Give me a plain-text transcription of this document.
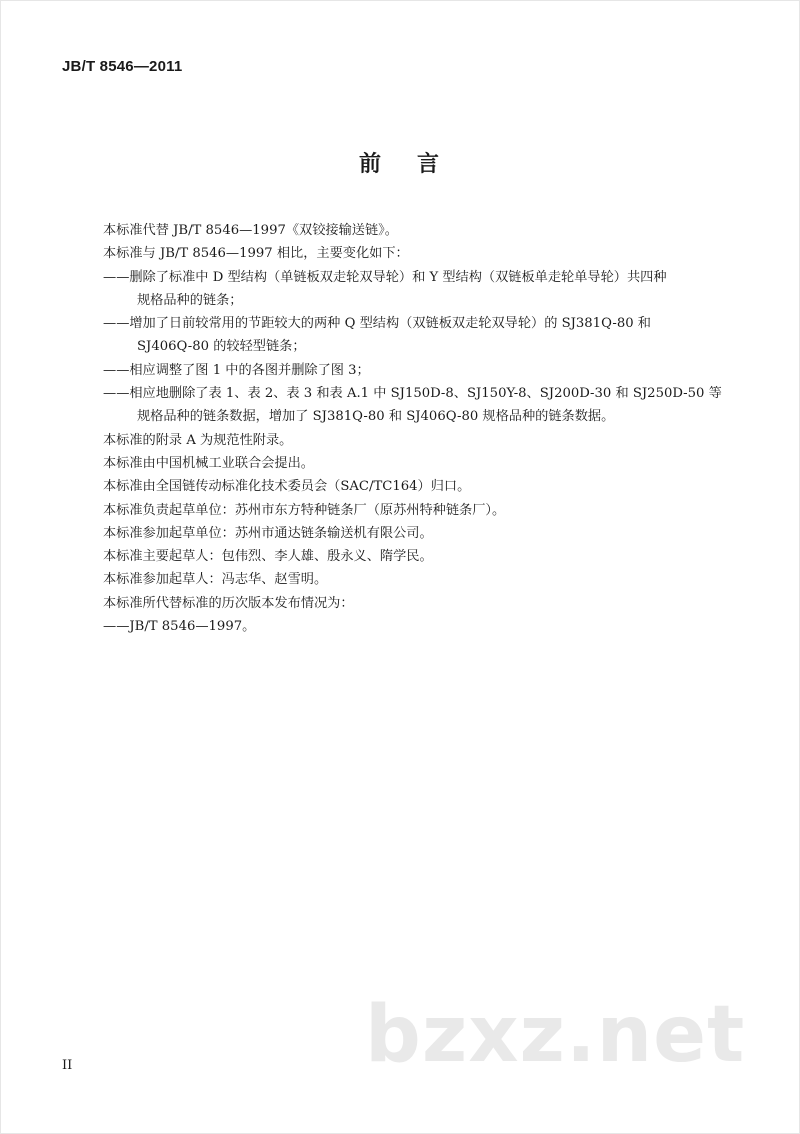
JB/T 8546—2011
前 言
本标准代替 JB/T 8546—1997《双铰接输送链》。
本标准与 JB/T 8546—1997 相比，主要变化如下：
——删除了标准中 D 型结构（单链板双走轮双导轮）和 Y 型结构（双链板单走轮单导轮）共四种
规格品种的链条；
——增加了日前较常用的节距较大的两种 Q 型结构（双链板双走轮双导轮）的 SJ381Q-80 和
SJ406Q-80 的较轻型链条；
——相应调整了图 1 中的各图并删除了图 3；
——相应地删除了表 1、表 2、表 3 和表 A.1 中 SJ150D-8、SJ150Y-8、SJ200D-30 和 SJ250D-50 等
规格品种的链条数据，增加了 SJ381Q-80 和 SJ406Q-80 规格品种的链条数据。
本标准的附录 A 为规范性附录。
本标准由中国机械工业联合会提出。
本标准由全国链传动标准化技术委员会（SAC/TC164）归口。
本标准负责起草单位：苏州市东方特种链条厂（原苏州特种链条厂）。
本标准参加起草单位：苏州市通达链条输送机有限公司。
本标准主要起草人：包伟烈、李人雄、殷永义、隋学民。
本标准参加起草人：冯志华、赵雪明。
本标准所代替标准的历次版本发布情况为：
——JB/T 8546—1997。
bzxz.net
II
